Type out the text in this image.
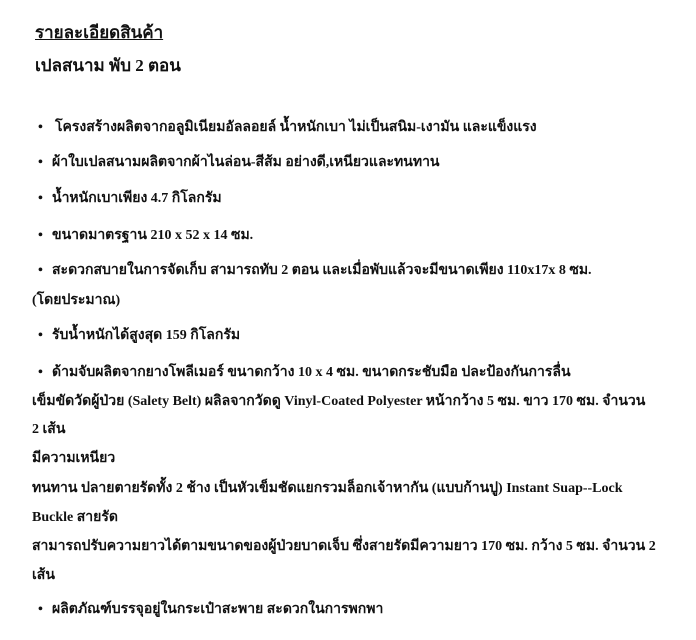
รายละเอียดสินค้า
เปลสนาม พับ 2 ตอน
• โครงสร้างผลิตจากอลูมิเนียมอัลลอยล์ น้ำหนักเบา ไม่เป็นสนิม-เงามัน และแข็งแรง
• ผ้าใบเปลสนามผลิตจากผ้าไนล่อน-สีส้ม อย่างดี,เหนียวและทนทาน
• น้ำหนักเบาเพียง 4.7 กิโลกรัม
• ขนาดมาตรฐาน 210 x 52 x 14 ซม.
• สะดวกสบายในการจัดเก็บ สามารถทับ 2 ตอน และเมื่อพับแล้วจะมีขนาดเพียง 110x17x 8 ซม.
(โดยประมาณ)
• รับน้ำหนักได้สูงสุด 159 กิโลกรัม
• ด้ามจับผลิตจากยางโพลีเมอร์ ขนาดกว้าง 10 x 4 ซม. ขนาดกระชับมือ ปละป้องกันการลื่น
เข็มขัดวัดผู้ป่วย (Salety Belt) ผลิลจากวัดดู Vinyl-Coated Polyester หน้ากว้าง 5 ซม. ขาว 170 ซม. จำนวน
2 เส้น
มีความเหนียว
ทนทาน ปลายตายรัดทั้ง 2 ช้าง เป็นหัวเข็มชัดแยกรวมล็อกเจ้าหากัน (แบบก้านปู) Instant Suap--Lock
Buckle สายรัด
สามารถปรับความยาวได้ตามขนาดของผู้ป่วยบาดเจ็บ ซึ่งสายรัดมีความยาว 170 ซม. กว้าง 5 ซม. จำนวน 2
เส้น
• ผลิตภัณฑ์บรรจุอยู่ในกระเป๋าสะพาย สะดวกในการพกพา
